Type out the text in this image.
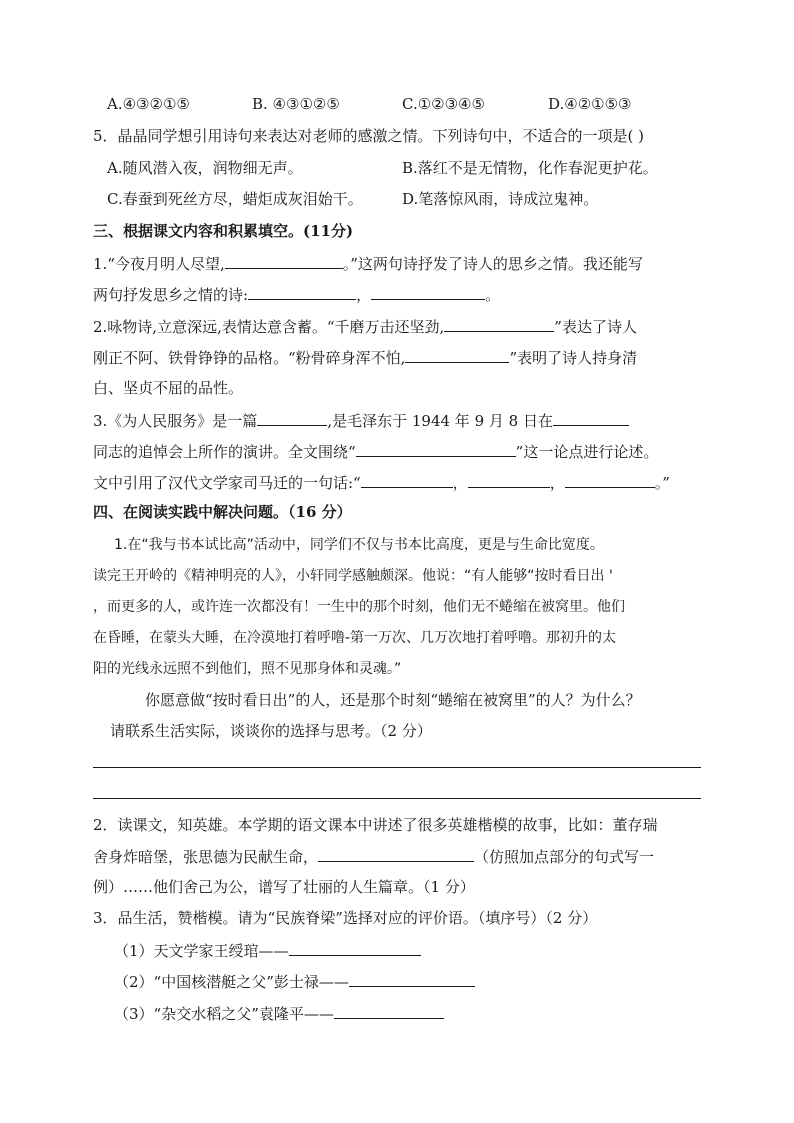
A.④③②①⑤	B. ④③①②⑤	C.①②③④⑤	D.④②①⑤③
5．晶晶同学想引用诗句来表达对老师的感激之情。下列诗句中，不适合的一项是( )
A.随风潜入夜，润物细无声。	B.落红不是无情物，化作春泥更护花。
C.春蚕到死丝方尽，蜡炬成灰泪始干。	D.笔落惊风雨，诗成泣鬼神。
三、根据课文内容和积累填空。(11分)
1.“今夜月明人尽望,	。”这两句诗抒发了诗人的思乡之情。我还能写
两句抒发思乡之情的诗:	，	。
2.咏物诗,立意深远,表情达意含蓄。“千磨万击还坚劲,	”表达了诗人
刚正不阿、铁骨铮铮的品格。“粉骨碎身浑不怕,	”表明了诗人持身清
白、坚贞不屈的品性。
3.《为人民服务》是一篇	,是毛泽东于 1944 年 9 月 8 日在
同志的追悼会上所作的演讲。全文围绕“	”这一论点进行论述。
文中引用了汉代文学家司马迁的一句话:“	，	，	。”
四、在阅读实践中解决问题。（16 分）
1.在“我与书本试比高”活动中，同学们不仅与书本比高度，更是与生命比宽度。
读完王开岭的《精神明亮的人》，小轩同学感触颇深。他说：“有人能够“按时看日出 '
，而更多的人，或许连一次都没有！一生中的那个时刻，他们无不蜷缩在被窝里。他们
在昏睡，在蒙头大睡，在冷漠地打着呼噜-第一万次、几万次地打着呼噜。那初升的太
阳的光线永远照不到他们，照不见那身体和灵魂。”
你愿意做“按时看日出”的人，还是那个时刻“蜷缩在被窝里”的人？为什么？
请联系生活实际，谈谈你的选择与思考。（2 分）
2．读课文，知英雄。本学期的语文课本中讲述了很多英雄楷模的故事，比如：董存瑞
舍身炸暗堡，张思德为民献生命，	（仿照加点部分的句式写一
例）……他们舍己为公，谱写了壮丽的人生篇章。（1 分）
3．品生活，赞楷模。请为“民族脊梁”选择对应的评价语。（填序号）（2 分）
（1）天文学家王绶琯——
（2）“中国核潜艇之父”彭士禄——
（3）“杂交水稻之父”袁隆平——
